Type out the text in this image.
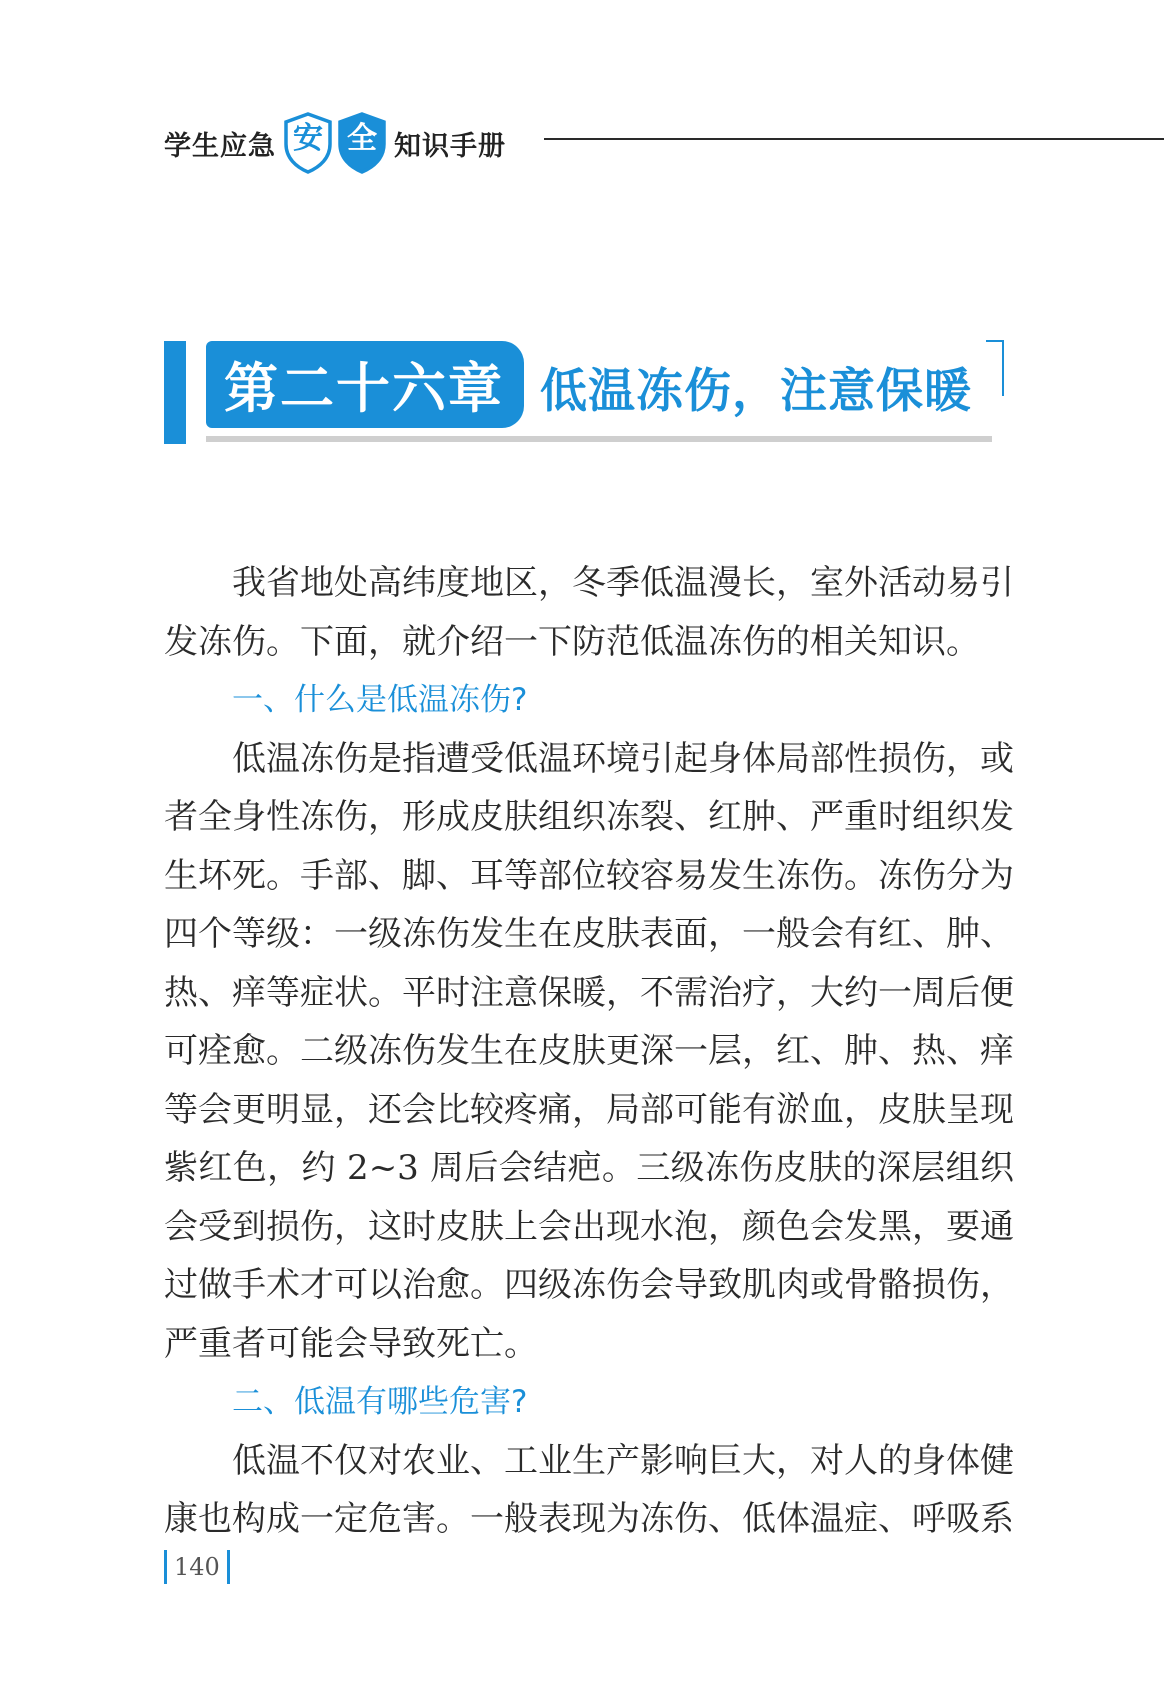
学生应急 安 全 知识手册
第二十六章 低温冻伤，注意保暖

我省地处高纬度地区，冬季低温漫长，室外活动易引发冻伤。下面，就介绍一下防范低温冻伤的相关知识。

一、什么是低温冻伤?

低温冻伤是指遭受低温环境引起身体局部性损伤，或者全身性冻伤，形成皮肤组织冻裂、红肿、严重时组织发生坏死。手部、脚、耳等部位较容易发生冻伤。冻伤分为四个等级：一级冻伤发生在皮肤表面，一般会有红、肿、热、痒等症状。平时注意保暖，不需治疗，大约一周后便可痊愈。二级冻伤发生在皮肤更深一层，红、肿、热、痒等会更明显，还会比较疼痛，局部可能有淤血，皮肤呈现紫红色，约 2~3 周后会结疤。三级冻伤皮肤的深层组织会受到损伤，这时皮肤上会出现水泡，颜色会发黑，要通过做手术才可以治愈。四级冻伤会导致肌肉或骨骼损伤，严重者可能会导致死亡。

二、低温有哪些危害?

低温不仅对农业、工业生产影响巨大，对人的身体健康也构成一定危害。一般表现为冻伤、低体温症、呼吸系

140
